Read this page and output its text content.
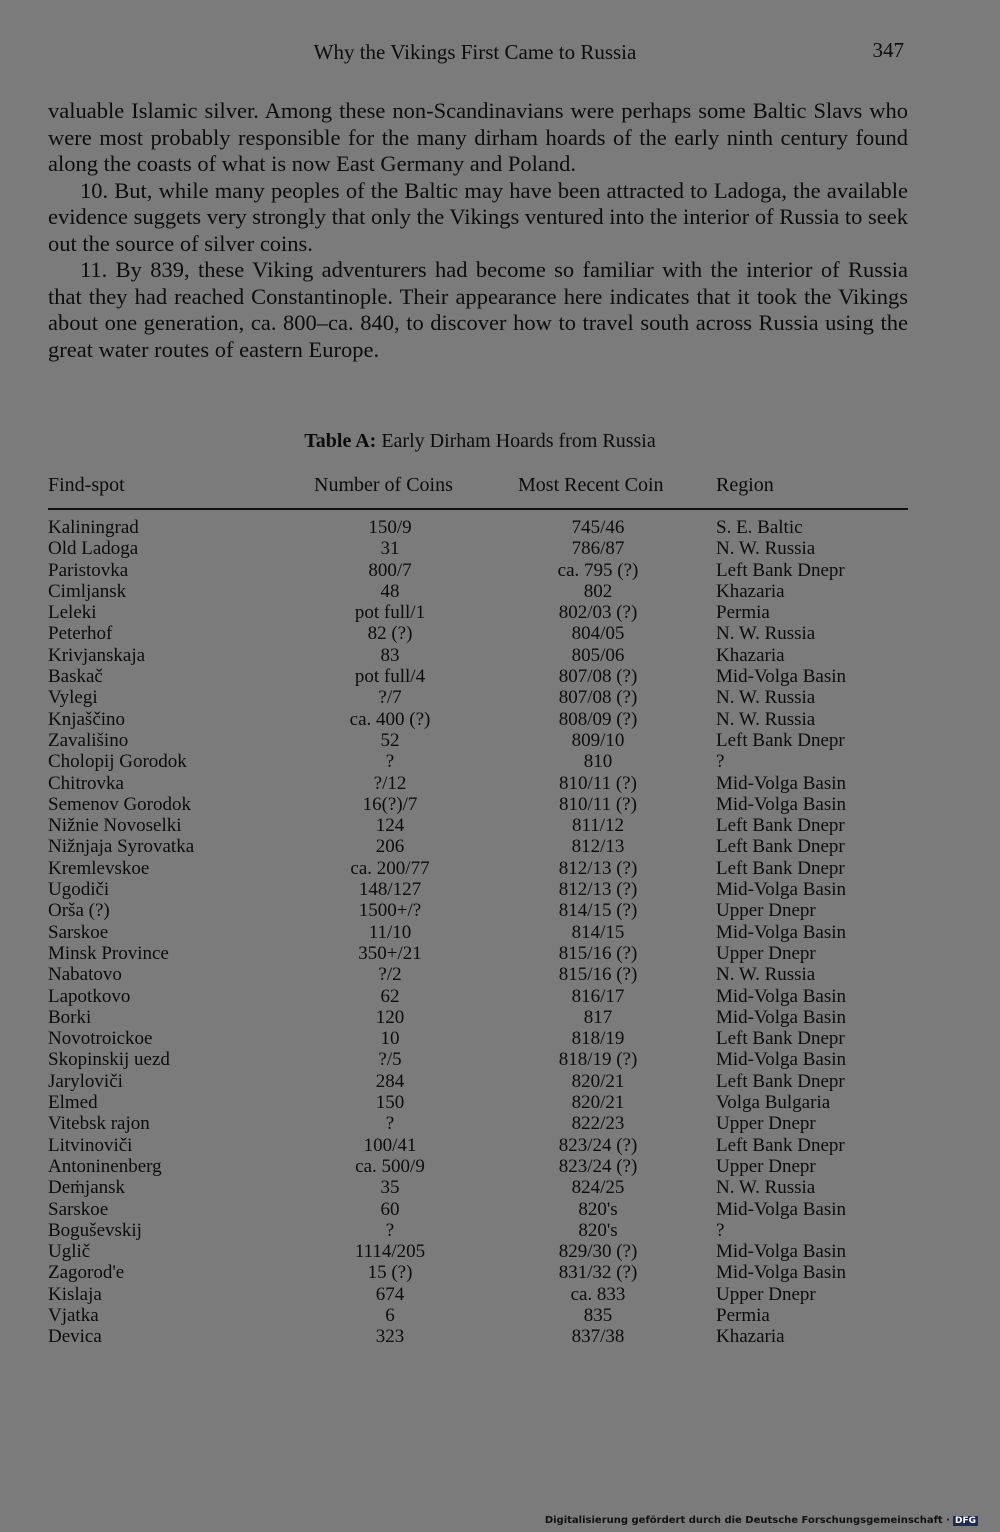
Why the Vikings First Came to Russia	347

valuable Islamic silver. Among these non-Scandinavians were perhaps some Baltic Slavs who were most probably responsible for the many dirham hoards of the early ninth century found along the coasts of what is now East Germany and Poland.

10. But, while many peoples of the Baltic may have been attracted to Ladoga, the available evidence suggets very strongly that only the Vikings ventured into the interior of Russia to seek out the source of silver coins.

11. By 839, these Viking adventurers had become so familiar with the interior of Russia that they had reached Constantinople. Their appearance here indicates that it took the Vikings about one generation, ca. 800–ca. 840, to discover how to travel south across Russia using the great water routes of eastern Europe.

Table A: Early Dirham Hoards from Russia
Find-spot	Number of Coins	Most Recent Coin	Region
Kaliningrad	150/9	745/46	S. E. Baltic
Old Ladoga	31	786/87	N. W. Russia
Paristovka	800/7	ca. 795 (?)	Left Bank Dnepr
Cimljansk	48	802	Khazaria
Leleki	pot full/1	802/03 (?)	Permia
Peterhof	82 (?)	804/05	N. W. Russia
Krivjanskaja	83	805/06	Khazaria
Baskač	pot full/4	807/08 (?)	Mid-Volga Basin
Vylegi	?/7	807/08 (?)	N. W. Russia
Knjaščino	ca. 400 (?)	808/09 (?)	N. W. Russia
Zavališino	52	809/10	Left Bank Dnepr
Cholopij Gorodok	?	810	?
Chitrovka	?/12	810/11 (?)	Mid-Volga Basin
Semenov Gorodok	16(?)/7	810/11 (?)	Mid-Volga Basin
Nižnie Novoselki	124	811/12	Left Bank Dnepr
Nižnjaja Syrovatka	206	812/13	Left Bank Dnepr
Kremlevskoe	ca. 200/77	812/13 (?)	Left Bank Dnepr
Ugodiči	148/127	812/13 (?)	Mid-Volga Basin
Orša (?)	1500+/?	814/15 (?)	Upper Dnepr
Sarskoe	11/10	814/15	Mid-Volga Basin
Minsk Province	350+/21	815/16 (?)	Upper Dnepr
Nabatovo	?/2	815/16 (?)	N. W. Russia
Lapotkovo	62	816/17	Mid-Volga Basin
Borki	120	817	Mid-Volga Basin
Novotroickoe	10	818/19	Left Bank Dnepr
Skopinskij uezd	?/5	818/19 (?)	Mid-Volga Basin
Jaryloviči	284	820/21	Left Bank Dnepr
Elmed	150	820/21	Volga Bulgaria
Vitebsk rajon	?	822/23	Upper Dnepr
Litvinoviči	100/41	823/24 (?)	Left Bank Dnepr
Antoninenberg	ca. 500/9	823/24 (?)	Upper Dnepr
Deṁjansk	35	824/25	N. W. Russia
Sarskoe	60	820's	Mid-Volga Basin
Boguševskij	?	820's	?
Uglič	1114/205	829/30 (?)	Mid-Volga Basin
Zagorod'e	15 (?)	831/32 (?)	Mid-Volga Basin
Kislaja	674	ca. 833	Upper Dnepr
Vjatka	6	835	Permia
Devica	323	837/38	Khazaria
Digitalisierung gefördert durch die Deutsche Forschungsgemeinschaft · DFG
